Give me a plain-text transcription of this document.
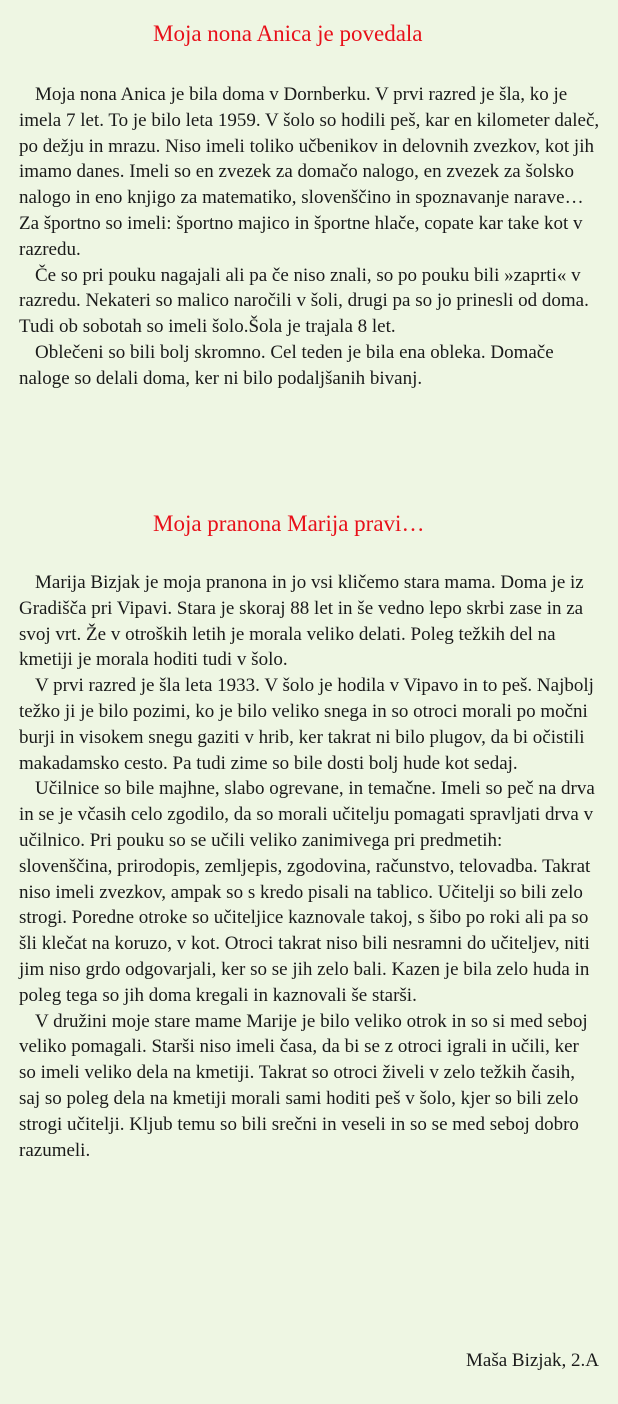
Moja nona Anica je povedala

Moja nona Anica je bila doma v Dornberku. V prvi razred je šla, ko je imela 7 let. To je bilo leta 1959. V šolo so hodili peš, kar en kilometer daleč, po dežju in mrazu. Niso imeli toliko učbenikov in delovnih zvezkov, kot jih imamo danes. Imeli so en zvezek za domačo nalogo, en zvezek za šolsko nalogo in eno knjigo za matematiko, slovenščino in spoznavanje narave… Za športno so imeli: športno majico in športne hlače, copate kar take kot v razredu.

Če so pri pouku nagajali ali pa če niso znali, so po pouku bili »zaprti« v razredu. Nekateri so malico naročili v šoli, drugi pa so jo prinesli od doma. Tudi ob sobotah so imeli šolo.Šola je trajala 8 let.

Oblečeni so bili bolj skromno. Cel teden je bila ena obleka. Domače naloge so delali doma, ker ni bilo podaljšanih bivanj.

Moja pranona Marija pravi…

Marija Bizjak je moja pranona in jo vsi kličemo stara mama. Doma je iz Gradišča pri Vipavi. Stara je skoraj 88 let in še vedno lepo skrbi zase in za svoj vrt. Že v otroških letih je morala veliko delati. Poleg težkih del na kmetiji je morala hoditi tudi v šolo.

V prvi razred je šla leta 1933. V šolo je hodila v Vipavo in to peš. Najbolj težko ji je bilo pozimi, ko je bilo veliko snega in so otroci morali po močni burji in visokem snegu gaziti v hrib, ker takrat ni bilo plugov, da bi očistili makadamsko cesto. Pa tudi zime so bile dosti bolj hude kot sedaj.

Učilnice so bile majhne, slabo ogrevane, in temačne. Imeli so peč na drva in se je včasih celo zgodilo, da so morali učitelju pomagati spravljati drva v učilnico. Pri pouku so se učili veliko zanimivega pri predmetih: slovenščina, prirodopis, zemljepis, zgodovina, računstvo, telovadba. Takrat niso imeli zvezkov, ampak so s kredo pisali na tablico. Učitelji so bili zelo strogi. Poredne otroke so učiteljice kaznovale takoj, s šibo po roki ali pa so šli klečat na koruzo, v kot. Otroci takrat niso bili nesramni do učiteljev, niti jim niso grdo odgovarjali, ker so se jih zelo bali. Kazen je bila zelo huda in poleg tega so jih doma kregali in kaznovali še starši.

V družini moje stare mame Marije je bilo veliko otrok in so si med seboj veliko pomagali. Starši niso imeli časa, da bi se z otroci igrali in učili, ker so imeli veliko dela na kmetiji. Takrat so otroci živeli v zelo težkih časih, saj so poleg dela na kmetiji morali sami hoditi peš v šolo, kjer so bili zelo strogi učitelji. Kljub temu so bili srečni in veseli in so se med seboj dobro razumeli.

Maša Bizjak, 2.A
